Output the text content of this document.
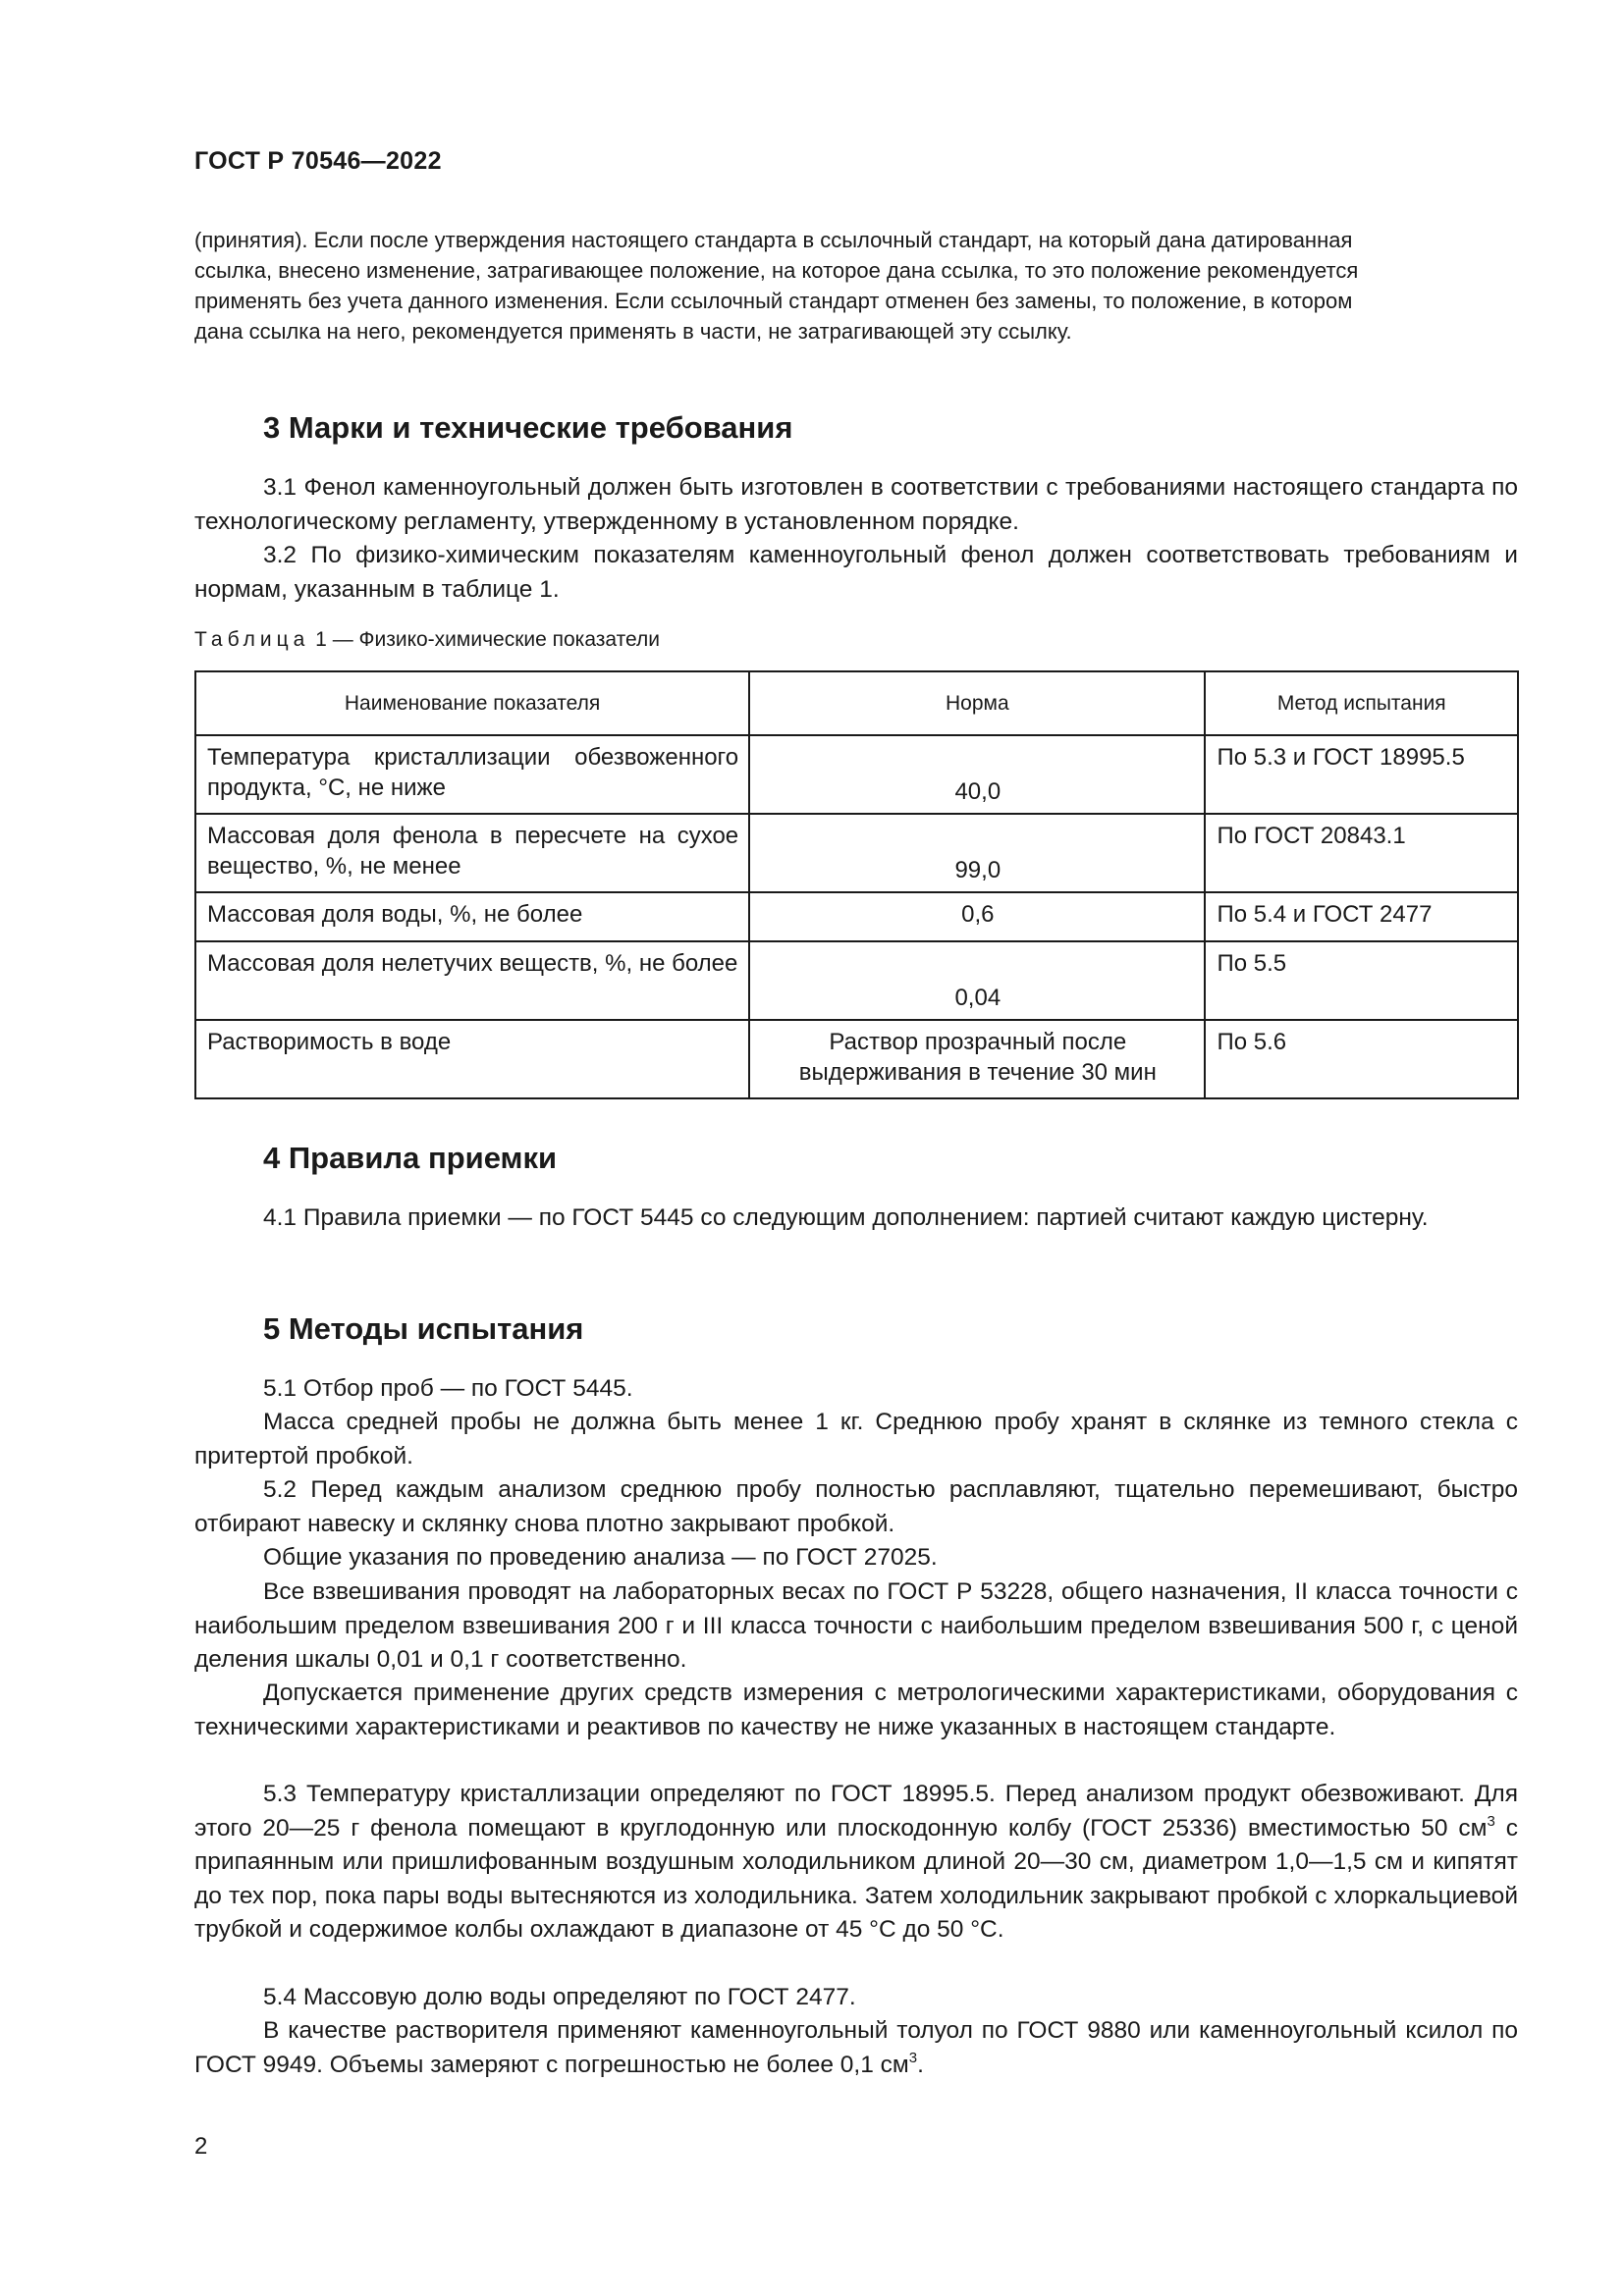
ГОСТ Р 70546—2022
(принятия). Если после утверждения настоящего стандарта в ссылочный стандарт, на который дана датированная
ссылка, внесено изменение, затрагивающее положение, на которое дана ссылка, то это положение рекомендуется
применять без учета данного изменения. Если ссылочный стандарт отменен без замены, то положение, в котором
дана ссылка на него, рекомендуется применять в части, не затрагивающей эту ссылку.
3 Марки и технические требования
3.1 Фенол каменноугольный должен быть изготовлен в соответствии с требованиями настоящего стандарта по технологическому регламенту, утвержденному в установленном порядке.
3.2 По физико-химическим показателям каменноугольный фенол должен соответствовать требованиям и нормам, указанным в таблице 1.
Таблица 1 — Физико-химические показатели
Наименование показателя	Норма	Метод испытания
Температура кристаллизации обезвоженного продукта, °С, не ниже	40,0	По 5.3 и ГОСТ 18995.5
Массовая доля фенола в пересчете на сухое вещество, %, не менее	99,0	По ГОСТ 20843.1
Массовая доля воды, %, не более	0,6	По 5.4 и ГОСТ 2477
Массовая доля нелетучих веществ, %, не более	0,04	По 5.5
Растворимость в воде	Раствор прозрачный после выдерживания в течение 30 мин	По 5.6
4 Правила приемки
4.1 Правила приемки — по ГОСТ 5445 со следующим дополнением: партией считают каждую цистерну.
5 Методы испытания
5.1 Отбор проб — по ГОСТ 5445.
Масса средней пробы не должна быть менее 1 кг. Среднюю пробу хранят в склянке из темного стекла с притертой пробкой.
5.2 Перед каждым анализом среднюю пробу полностью расплавляют, тщательно перемешивают, быстро отбирают навеску и склянку снова плотно закрывают пробкой.
Общие указания по проведению анализа — по ГОСТ 27025.
Все взвешивания проводят на лабораторных весах по ГОСТ Р 53228, общего назначения, II класса точности с наибольшим пределом взвешивания 200 г и III класса точности с наибольшим пределом взвешивания 500 г, с ценой деления шкалы 0,01 и 0,1 г соответственно.
Допускается применение других средств измерения с метрологическими характеристиками, оборудования с техническими характеристиками и реактивов по качеству не ниже указанных в настоящем стандарте.
5.3 Температуру кристаллизации определяют по ГОСТ 18995.5. Перед анализом продукт обезвоживают. Для этого 20—25 г фенола помещают в круглодонную или плоскодонную колбу (ГОСТ 25336) вместимостью 50 $см^3$ с припаянным или пришлифованным воздушным холодильником длиной 20—30 см, диаметром 1,0—1,5 см и кипятят до тех пор, пока пары воды вытесняются из холодильника. Затем холодильник закрывают пробкой с хлоркальциевой трубкой и содержимое колбы охлаждают в диапазоне от 45 °С до 50 °С.
5.4 Массовую долю воды определяют по ГОСТ 2477.
В качестве растворителя применяют каменноугольный толуол по ГОСТ 9880 или каменноугольный ксилол по ГОСТ 9949. Объемы замеряют с погрешностью не более 0,1 $см^3$.
2
